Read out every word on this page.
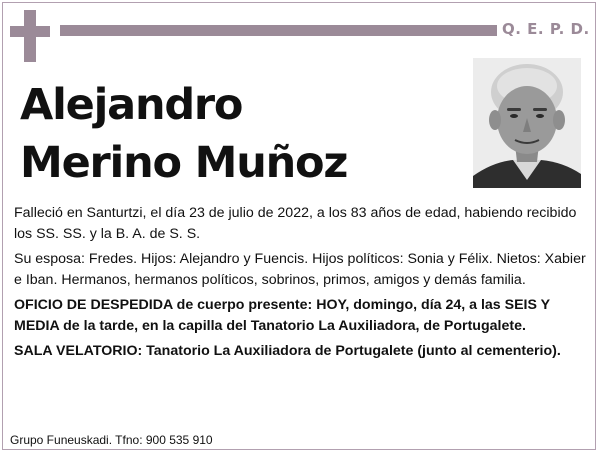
Q. E. P. D.
Alejandro
Merino Muñoz

Falleció en Santurtzi, el día 23 de julio de 2022, a los 83 años de edad, habiendo recibido los SS. SS. y la B. A. de S. S.

Su esposa: Fredes. Hijos: Alejandro y Fuencis. Hijos políticos: Sonia y Félix. Nietos: Xabier e Iban. Hermanos, hermanos políticos, sobrinos, primos, amigos y demás familia.

OFICIO DE DESPEDIDA de cuerpo presente: HOY, domingo, día 24, a las SEIS Y MEDIA de la tarde, en la capilla del Tanatorio La Auxiliadora, de Portugalete.

SALA VELATORIO: Tanatorio La Auxiliadora de Portugalete (junto al cementerio).

Grupo Funeuskadi. Tfno: 900 535 910
